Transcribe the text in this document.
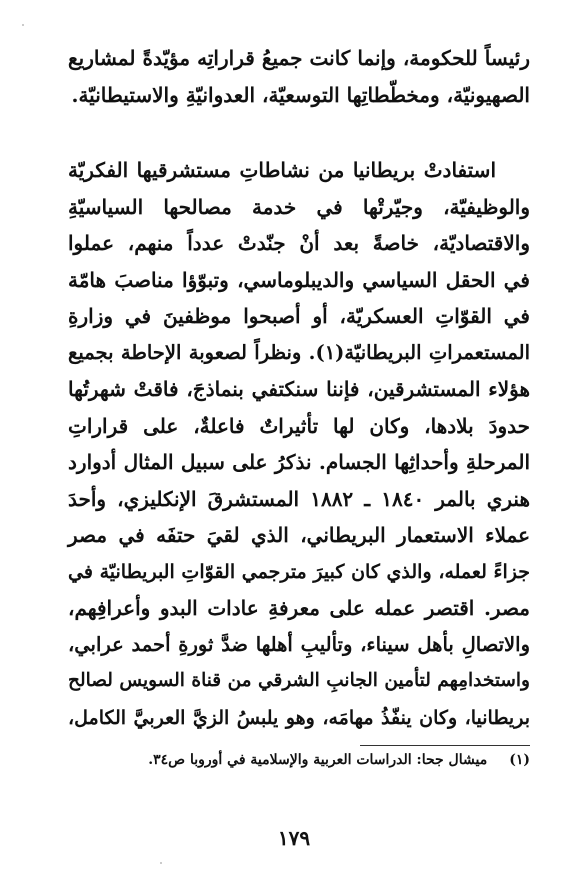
رئيساً للحكومة، وإنما كانت جميعُ قراراتِه مؤيّدةً لمشاريع
الصهيونيّة، ومخطّطاتِها التوسعيّة، العدوانيّةِ والاستيطانيّة.
استفادتْ بريطانيا من نشاطاتِ مستشرقيها الفكريّة
والوظيفيّة، وجيّرتْها في خدمة مصالحها السياسيّةِ
والاقتصاديّة، خاصةً بعد أنْ جنّدتْ عدداً منهم، عملوا
في الحقل السياسي والديبلوماسي، وتبوّؤا مناصبَ هامّة
في القوّاتِ العسكريّة، أو أصبحوا موظفينَ في وزارةِ
المستعمراتِ البريطانيّة(١). ونظراً لصعوبة الإحاطة بجميع
هؤلاء المستشرقين، فإننا سنكتفي بنماذجَ، فاقتْ شهرتُها
حدودَ بلادها، وكان لها تأثيراتٌ فاعلةٌ، على قراراتِ
المرحلةِ وأحداثِها الجسام. نذكرُ على سبيل المثال أدوارد
هنري بالمر ١٨٤٠ ـ ١٨٨٢ المستشرقَ الإنكليزي، وأحدَ
عملاء الاستعمار البريطاني، الذي لقيَ حتفَه في مصر
جزاءً لعمله، والذي كان كبيرَ مترجمي القوّاتِ البريطانيّة في
مصر. اقتصر عمله على معرفةِ عادات البدو وأعرافِهم،
والاتصالِ بأهل سيناء، وتأليبِ أهلها ضدَّ ثورةِ أحمد عرابي،
واستخدامِهم لتأمين الجانبِ الشرقي من قناة السويس لصالح
بريطانيا، وكان ينفّذُ مهامَه، وهو يلبسُ الزيَّ العربيَّ الكامل،
(١)ميشال جحا: الدراسات العربية والإسلامية في أوروبا ص٣٤.
١٧٩
